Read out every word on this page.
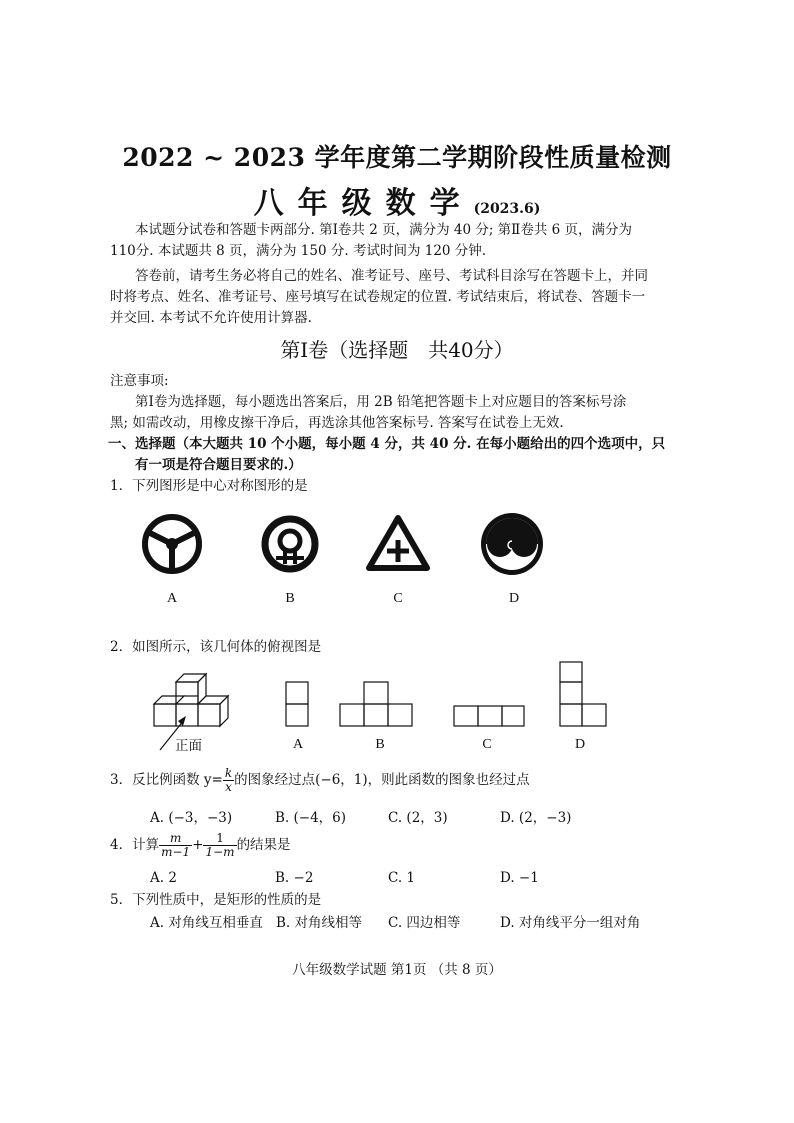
2022 ~ 2023 学年度第二学期阶段性质量检测
八年级数学(2023.6)
本试题分试卷和答题卡两部分. 第Ⅰ卷共 2 页，满分为 40 分; 第Ⅱ卷共 6 页，满分为
110分. 本试题共 8 页，满分为 150 分. 考试时间为 120 分钟.
答卷前，请考生务必将自己的姓名、准考证号、座号、考试科目涂写在答题卡上，并同
时将考点、姓名、准考证号、座号填写在试卷规定的位置. 考试结束后，将试卷、答题卡一
并交回. 本考试不允许使用计算器.
第Ⅰ卷（选择题　共40分）
注意事项:
第Ⅰ卷为选择题，每小题选出答案后，用 2B 铅笔把答题卡上对应题目的答案标号涂
黑; 如需改动，用橡皮擦干净后，再选涂其他答案标号. 答案写在试卷上无效.
一、选择题（本大题共 10 个小题，每小题 4 分，共 40 分. 在每小题给出的四个选项中，只
有一项是符合题目要求的.）
1．下列图形是中心对称图形的是
A	B	C	D
2．如图所示，该几何体的俯视图是
正面	A	B	C	D
3．反比例函数 $y= \frac{k}{x}$ 的图象经过点(−6，1)，则此函数的图象也经过点
A. (−3，−3)	B. (−4，6)	C. (2，3)	D. (2，−3)
4．计算 $\frac{m}{m-1} + \frac{1}{1-m}$ 的结果是
A. 2	B. −2	C. 1	D. −1
5．下列性质中，是矩形的性质的是
A. 对角线互相垂直 B. 对角线相等 C. 四边相等	D. 对角线平分一组对角
八年级数学试题 第1页 （共 8 页）
